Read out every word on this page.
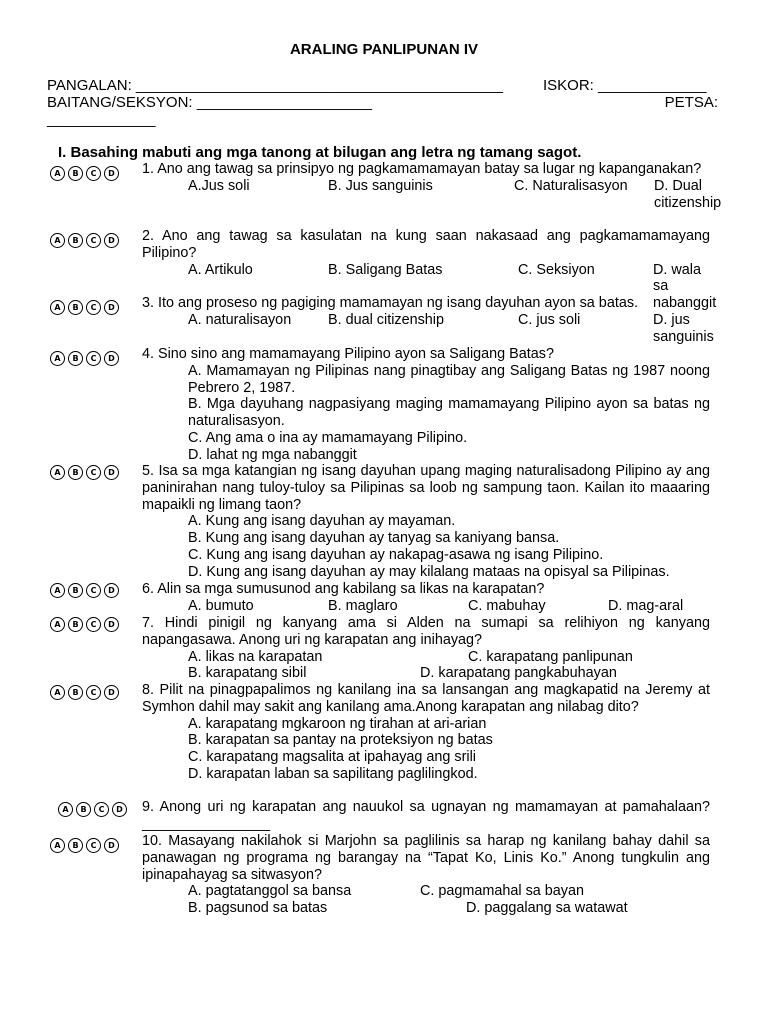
ARALING PANLIPUNAN IV
PANGALAN: ____________________________________________	ISKOR: _____________
BAITANG/SEKSYON: _____________________	PETSA:
_____________
I. Basahing mabuti ang mga tanong at bilugan ang letra ng tamang sagot.
A	B	C	D 1. Ano ang tawag sa prinsipyo ng pagkamamamayan batay sa lugar ng kapanganakan?
A.Jus soli	B. Jus sanguinis	C. Naturalisasyon	D. Dual citizenship
A	B	C	D 2. Ano ang tawag sa kasulatan na kung saan nakasaad ang pagkamamamayang Pilipino?
A. Artikulo	B. Saligang Batas	C. Seksiyon	D. wala sa nabanggit
A	B	C	D 3. Ito ang proseso ng pagiging mamamayan ng isang dayuhan ayon sa batas.
A. naturalisayon	B. dual citizenship	C. jus soli	D. jus sanguinis
A	B	C	D 4. Sino sino ang mamamayang Pilipino ayon sa Saligang Batas?
A. Mamamayan ng Pilipinas nang pinagtibay ang Saligang Batas ng 1987 noong Pebrero 2, 1987.
B. Mga dayuhang nagpasiyang maging mamamayang Pilipino ayon sa batas ng naturalisasyon.
C. Ang ama o ina ay mamamayang Pilipino.
D. lahat ng mga nabanggit
A	B	C	D 5. Isa sa mga katangian ng isang dayuhan upang maging naturalisadong Pilipino ay ang paninirahan nang tuloy-tuloy sa Pilipinas sa loob ng sampung taon. Kailan ito maaaring mapaikli ng limang taon?
A. Kung ang isang dayuhan ay mayaman.
B. Kung ang isang dayuhan ay tanyag sa kaniyang bansa.
C. Kung ang isang dayuhan ay nakapag-asawa ng isang Pilipino.
D. Kung ang isang dayuhan ay may kilalang mataas na opisyal sa Pilipinas.
A	B	C	D 6. Alin sa mga sumusunod ang kabilang sa likas na karapatan?
A. bumuto	B. maglaro	C. mabuhay	D. mag-aral
A	B	C	D 7. Hindi pinigil ng kanyang ama si Alden na sumapi sa relihiyon ng kanyang napangasawa. Anong uri ng karapatan ang inihayag?
A. likas na karapatan	C. karapatang panlipunan
B. karapatang sibil	D. karapatang pangkabuhayan
A	B	C	D 8. Pilit na pinagpapalimos ng kanilang ina sa lansangan ang magkapatid na Jeremy at Symhon dahil may sakit ang kanilang ama.Anong karapatan ang nilabag dito?
A. karapatang mgkaroon ng tirahan at ari-arian
B. karapatan sa pantay na proteksiyon ng batas
C. karapatang magsalita at ipahayag ang srili
D. karapatan laban sa sapilitang paglilingkod.
A	B	C	D 9. Anong uri ng karapatan ang nauukol sa ugnayan ng mamamayan at pamahalaan? ________________
A	B	C	D 10. Masayang nakilahok si Marjohn sa paglilinis sa harap ng kanilang bahay dahil sa panawagan ng programa ng barangay na “Tapat Ko, Linis Ko.” Anong tungkulin ang ipinapahayag sa sitwasyon?
A. pagtatanggol sa bansa	C. pagmamahal sa bayan
B. pagsunod sa batas	D. paggalang sa watawat
